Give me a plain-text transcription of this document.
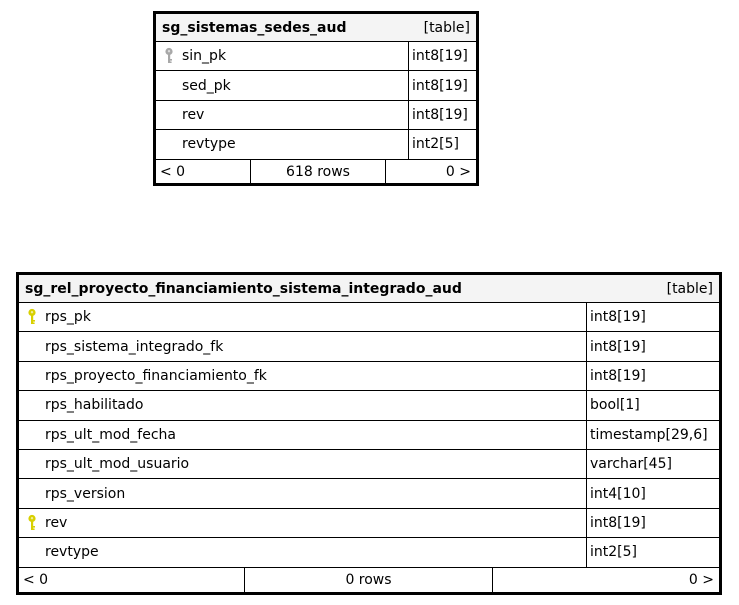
sg_sistemas_sedes_aud	[table]
sin_pk	int8[19]
sed_pk	int8[19]
rev	int8[19]
revtype	int2[5]
< 0	618 rows	0 >
sg_rel_proyecto_financiamiento_sistema_integrado_aud	[table]
rps_pk	int8[19]
rps_sistema_integrado_fk	int8[19]
rps_proyecto_financiamiento_fk	int8[19]
rps_habilitado	bool[1]
rps_ult_mod_fecha	timestamp[29,6]
rps_ult_mod_usuario	varchar[45]
rps_version	int4[10]
rev	int8[19]
revtype	int2[5]
< 0	0 rows	0 >
